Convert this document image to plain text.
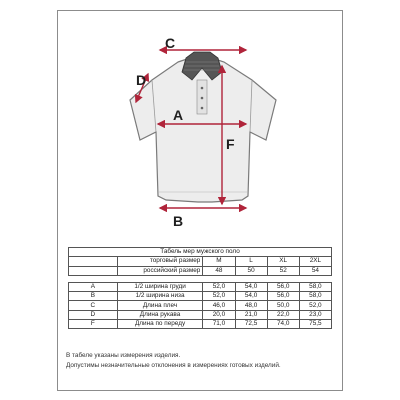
C
D
A
F
B
Табель мер мужского поло					
	торговый размер	M	L	XL	2XL
	российский размер	48	50	52	54

A	1/2 ширина груди	52,0	54,0	56,0	58,0
B	1/2 ширина низа	52,0	54,0	56,0	58,0
C	Длина плеч	46,0	48,0	50,0	52,0
D	Длина рукава	20,0	21,0	22,0	23,0
F	Длина по переду	71,0	72,5	74,0	75,5
В табеле указаны измерения изделия.
Допустимы незначительные отклонения в измерениях готовых изделий.
